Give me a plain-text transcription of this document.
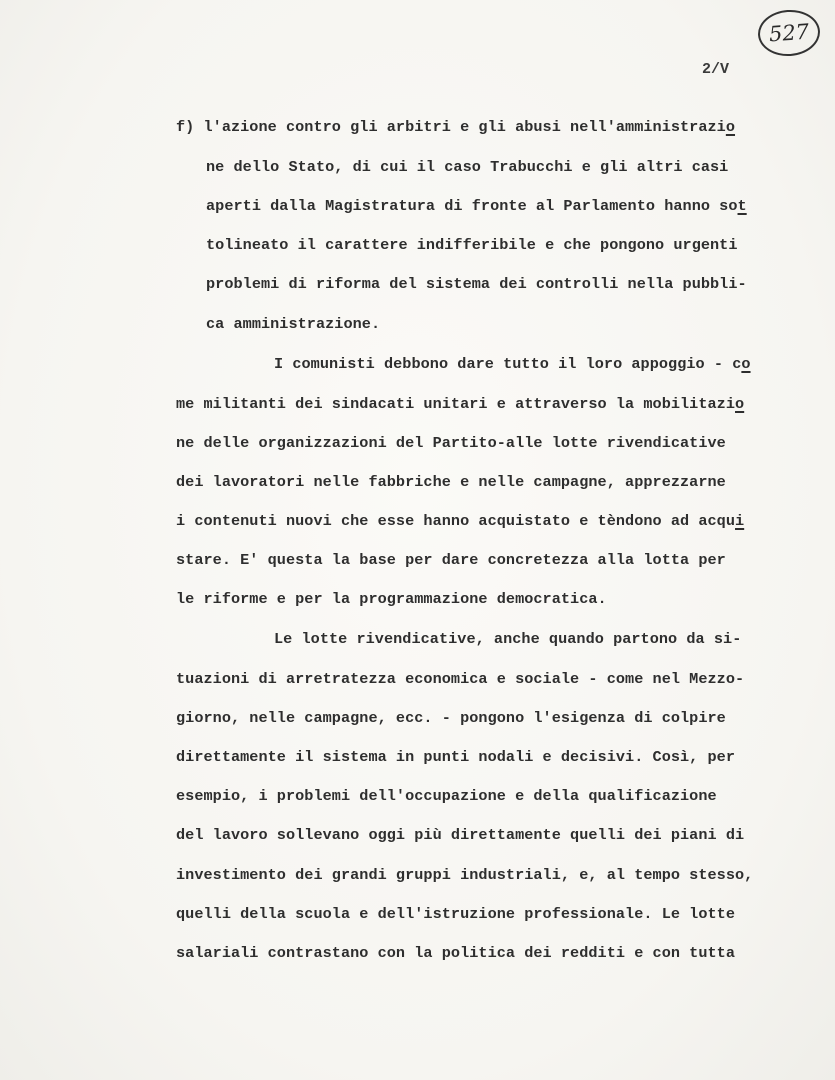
527
2/V
f) l'azione contro gli arbitri e gli abusi nell'amministrazio
ne dello Stato, di cui il caso Trabucchi e gli altri casi
aperti dalla Magistratura di fronte al Parlamento hanno sot
tolineato il carattere indifferibile e che pongono urgenti
problemi di riforma del sistema dei controlli nella pubbli-
ca amministrazione.
I comunisti debbono dare tutto il loro appoggio - co
me militanti dei sindacati unitari e attraverso la mobilitazio
ne delle organizzazioni del Partito-alle lotte rivendicative
dei lavoratori nelle fabbriche e nelle campagne, apprezzarne
i contenuti nuovi che esse hanno acquistato e tèndono ad acqui
stare. E' questa la base per dare concretezza alla lotta per
le riforme e per la programmazione democratica.
Le lotte rivendicative, anche quando partono da si-
tuazioni di arretratezza economica e sociale - come nel Mezzo-
giorno, nelle campagne, ecc. - pongono l'esigenza di colpire
direttamente il sistema in punti nodali e decisivi. Così, per
esempio, i problemi dell'occupazione e della qualificazione
del lavoro sollevano oggi più direttamente quelli dei piani di
investimento dei grandi gruppi industriali, e, al tempo stesso,
quelli della scuola e dell'istruzione professionale. Le lotte
salariali contrastano con la politica dei redditi e con tutta
